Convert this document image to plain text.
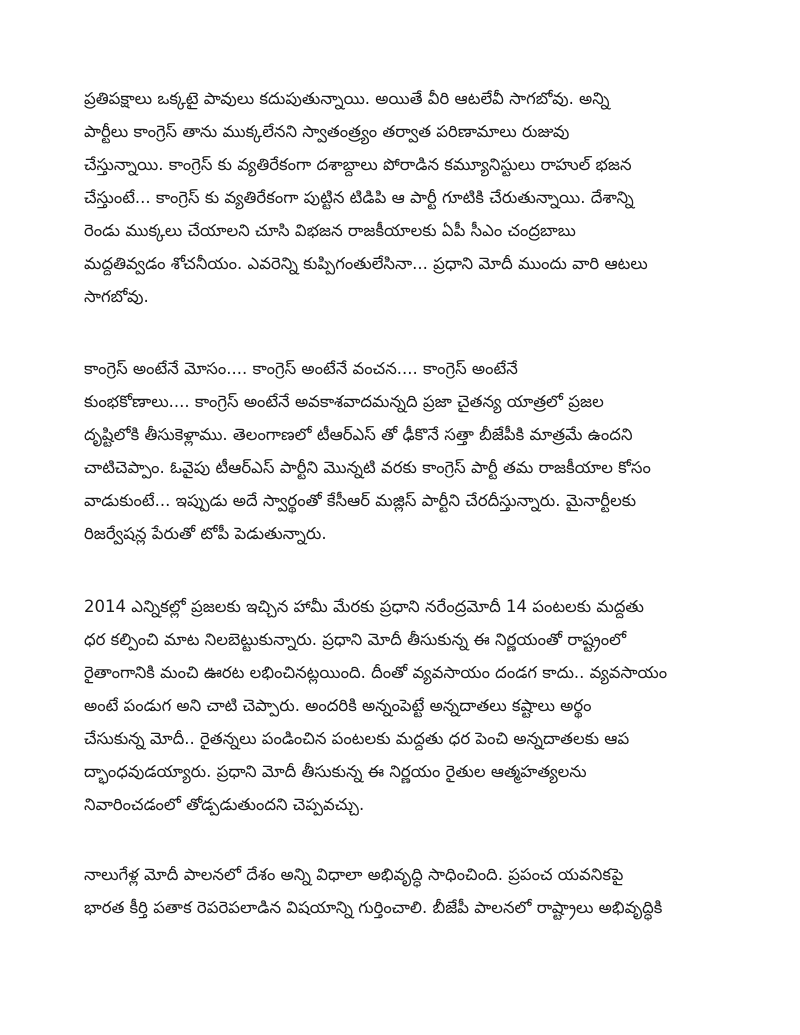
ప్రతిపక్షాలు ఒక్కటై పావులు కదుపుతున్నాయి. అయితే వీరి ఆటలేవీ సాగబోవు. అన్ని
పార్టీలు కాంగ్రెస్ తాను ముక్కలేనని స్వాతంత్ర్యం తర్వాత పరిణామాలు రుజువు
చేస్తున్నాయి. కాంగ్రెస్ కు వ్యతిరేకంగా దశాబ్దాలు పోరాడిన కమ్యూనిస్టులు రాహుల్ భజన
చేస్తుంటే... కాంగ్రెస్ కు వ్యతిరేకంగా పుట్టిన టిడిపి ఆ పార్టీ గూటికి చేరుతున్నాయి. దేశాన్ని
రెండు ముక్కలు చేయాలని చూసి విభజన రాజకీయాలకు ఏపీ సీఎం చంద్రబాబు
మద్దతివ్వడం శోచనీయం. ఎవరెన్ని కుప్పిగంతులేసినా... ప్రధాని మోదీ ముందు వారి ఆటలు
సాగబోవు.
కాంగ్రెస్ అంటేనే మోసం.... కాంగ్రెస్ అంటేనే వంచన.... కాంగ్రెస్ అంటేనే
కుంభకోణాలు.... కాంగ్రెస్ అంటేనే అవకాశవాదమన్నది ప్రజా చైతన్య యాత్రలో ప్రజల
దృష్టిలోకి తీసుకెళ్లాము. తెలంగాణలో టీఆర్ఎస్ తో ఢీకొనే సత్తా బీజేపీకి మాత్రమే ఉందని
చాటిచెప్పాం. ఓవైపు టీఆర్ఎస్ పార్టీని మొన్నటి వరకు కాంగ్రెస్ పార్టీ తమ రాజకీయాల కోసం
వాడుకుంటే... ఇప్పుడు అదే స్వార్థంతో కేసీఆర్ మజ్లిస్ పార్టీని చేరదీస్తున్నారు. మైనార్టీలకు
రిజర్వేషన్ల పేరుతో టోపీ పెడుతున్నారు.
2014 ఎన్నికల్లో ప్రజలకు ఇచ్చిన హామీ మేరకు ప్రధాని నరేంద్రమోదీ 14 పంటలకు మద్దతు
ధర కల్పించి మాట నిలబెట్టుకున్నారు. ప్రధాని మోదీ తీసుకున్న ఈ నిర్ణయంతో రాష్ట్రంలో
రైతాంగానికి మంచి ఊరట లభించినట్లయింది. దీంతో వ్యవసాయం దండగ కాదు.. వ్యవసాయం
అంటే పండుగ అని చాటి చెప్పారు. అందరికి అన్నంపెట్టే అన్నదాతలు కష్టాలు అర్థం
చేసుకున్న మోదీ.. రైతన్నలు పండించిన పంటలకు మద్దతు ధర పెంచి అన్నదాతలకు ఆప
ద్భాంధవుడయ్యారు. ప్రధాని మోదీ తీసుకున్న ఈ నిర్ణయం రైతుల ఆత్మహత్యలను
నివారించడంలో తోడ్పడుతుందని చెప్పవచ్చు.
నాలుగేళ్ల మోదీ పాలనలో దేశం అన్ని విధాలా అభివృద్ధి సాధించింది. ప్రపంచ యవనికపై
భారత కీర్తి పతాక రెపరెపలాడిన విషయాన్ని గుర్తించాలి. బీజేపీ పాలనలో రాష్ట్రాలు అభివృద్ధికి
